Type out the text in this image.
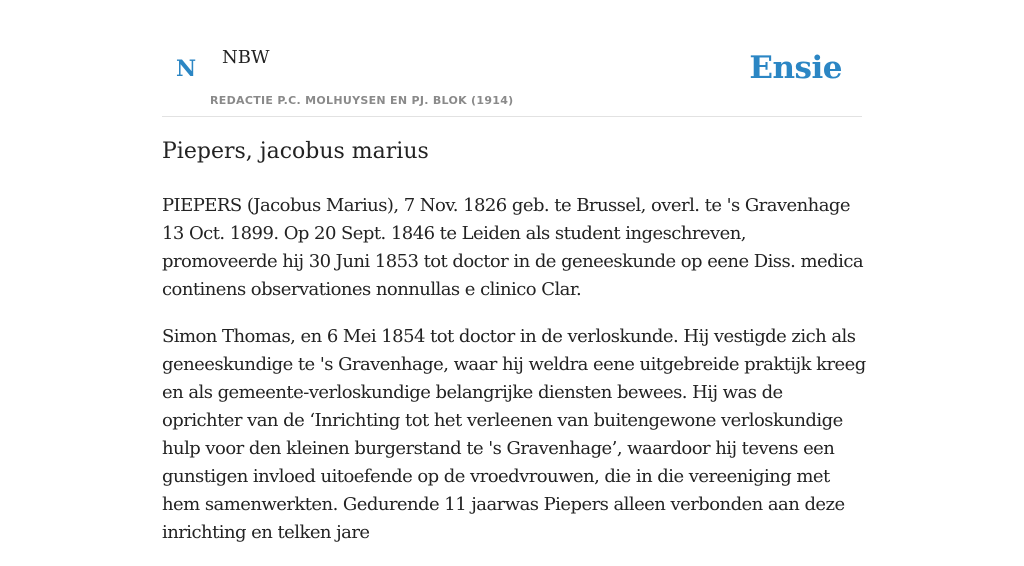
N NBW
REDACTIE P.C. MOLHUYSEN EN PJ. BLOK (1914)
Ensie
Piepers, jacobus marius

PIEPERS (Jacobus Marius), 7 Nov. 1826 geb. te Brussel, overl. te 's Gravenhage 13 Oct. 1899. Op 20 Sept. 1846 te Leiden als student ingeschreven, promoveerde hij 30 Juni 1853 tot doctor in de geneeskunde op eene Diss. medica continens observationes nonnullas e clinico Clar.

Simon Thomas, en 6 Mei 1854 tot doctor in de verloskunde. Hij vestigde zich als geneeskundige te 's Gravenhage, waar hij weldra eene uitgebreide praktijk kreeg en als gemeente-verloskundige belangrijke diensten bewees. Hij was de oprichter van de ‘Inrichting tot het verleenen van buitengewone verloskundige hulp voor den kleinen burgerstand te 's Gravenhage’, waardoor hij tevens een gunstigen invloed uitoefende op de vroedvrouwen, die in die vereeniging met hem samenwerkten. Gedurende 11 jaarwas Piepers alleen verbonden aan deze inrichting en telken jare
